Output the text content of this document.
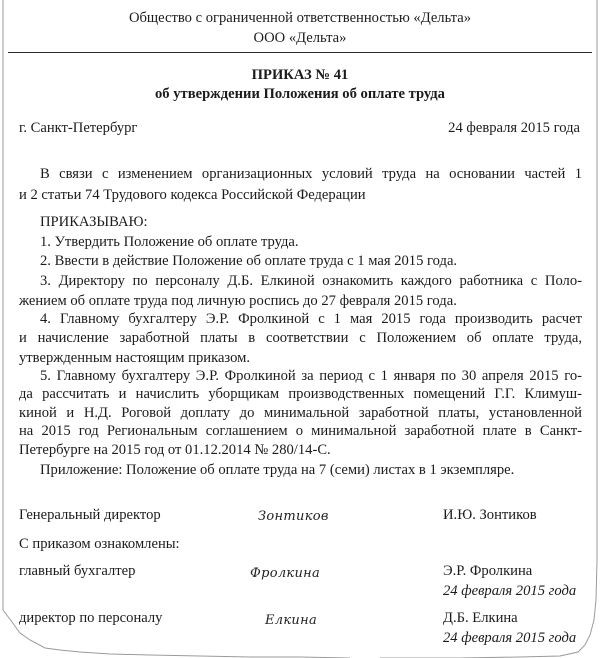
Общество с ограниченной ответственностью «Дельта»
ООО «Дельта»
ПРИКАЗ № 41
об утверждении Положения об оплате труда
г. Санкт-Петербург	24 февраля 2015 года
В связи с изменением организационных условий труда на основании частей 1
и 2 статьи 74 Трудового кодекса Российской Федерации
ПРИКАЗЫВАЮ:
1. Утвердить Положение об оплате труда.
2. Ввести в действие Положение об оплате труда с 1 мая 2015 года.
3. Директору по персоналу Д.Б. Елкиной ознакомить каждого работника с Поло-
жением об оплате труда под личную роспись до 27 февраля 2015 года.
4. Главному бухгалтеру Э.Р. Фролкиной с 1 мая 2015 года производить расчет
и начисление заработной платы в соответствии с Положением об оплате труда,
утвержденным настоящим приказом.
5. Главному бухгалтеру Э.Р. Фролкиной за период с 1 января по 30 апреля 2015 го-
да рассчитать и начислить уборщикам производственных помещений Г.Г. Климуш-
киной и Н.Д. Роговой доплату до минимальной заработной платы, установленной
на 2015 год Региональным соглашением о минимальной заработной плате в Санкт-
Петербурге на 2015 год от 01.12.2014 № 280/14-С.
Приложение: Положение об оплате труда на 7 (семи) листах в 1 экземпляре.
Генеральный директор	Зонтиков	И.Ю. Зонтиков
С приказом ознакомлены:
главный бухгалтер	Фролкина	Э.Р. Фролкина
24 февраля 2015 года
директор по персоналу	Елкина	Д.Б. Елкина
24 февраля 2015 года
